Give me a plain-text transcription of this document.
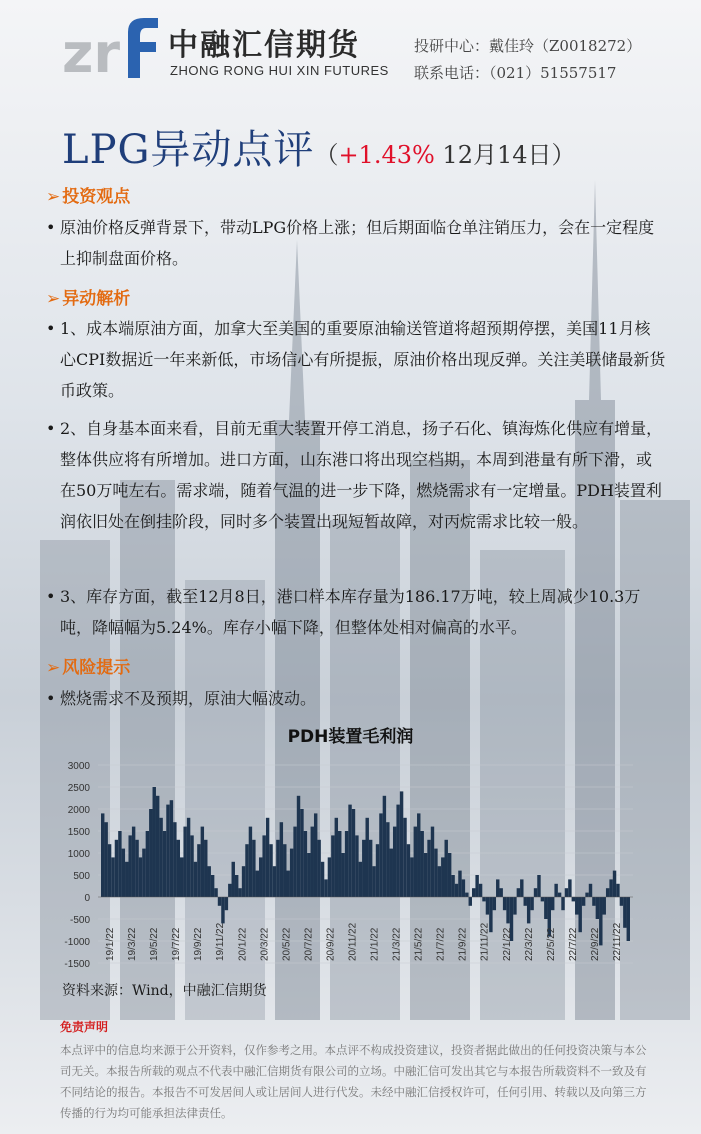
zr 中融汇信期货
ZHONG RONG HUI XIN FUTURES
投研中心：戴佳玲（Z0018272）
联系电话：（021）51557517
LPG异动点评（+1.43% 12月14日）
➢ 投资观点
• 原油价格反弹背景下，带动LPG价格上涨；但后期面临仓单注销压力，会在一定程度上抑制盘面价格。
➢ 异动解析
• 1、成本端原油方面，加拿大至美国的重要原油输送管道将超预期停摆，美国11月核心CPI数据近一年来新低，市场信心有所提振，原油价格出现反弹。关注美联储最新货币政策。
• 2、自身基本面来看，目前无重大装置开停工消息，扬子石化、镇海炼化供应有增量，整体供应将有所增加。进口方面，山东港口将出现空档期，本周到港量有所下滑，或在50万吨左右。需求端，随着气温的进一步下降，燃烧需求有一定增量。PDH装置利润依旧处在倒挂阶段，同时多个装置出现短暂故障，对丙烷需求比较一般。
• 3、库存方面，截至12月8日，港口样本库存量为186.17万吨，较上周减少10.3万吨，降幅幅为5.24%。库存小幅下降，但整体处相对偏高的水平。
➢ 风险提示
• 燃烧需求不及预期，原油大幅波动。
PDH装置毛利润
3000
2500
2000
1500
1000
500
0
-500
-1000
-1500
19/1/22 19/3/22 19/5/22 19/7/22 19/9/22 19/11/22 20/1/22 20/3/22 20/5/22 20/7/22 20/9/22 20/11/22 21/1/22 21/3/22 21/5/22 21/7/22 21/9/22 21/11/22 22/1/22 22/3/22 22/5/22 22/7/22 22/9/22 22/11/22
资料来源：Wind，中融汇信期货
免责声明
本点评中的信息均来源于公开资料，仅作参考之用。本点评不构成投资建议，投资者据此做出的任何投资决策与本公司无关。本报告所载的观点不代表中融汇信期货有限公司的立场。中融汇信可发出其它与本报告所载资料不一致及有不同结论的报告。本报告不可发居间人或让居间人进行代发。未经中融汇信授权许可，任何引用、转载以及向第三方传播的行为均可能承担法律责任。
